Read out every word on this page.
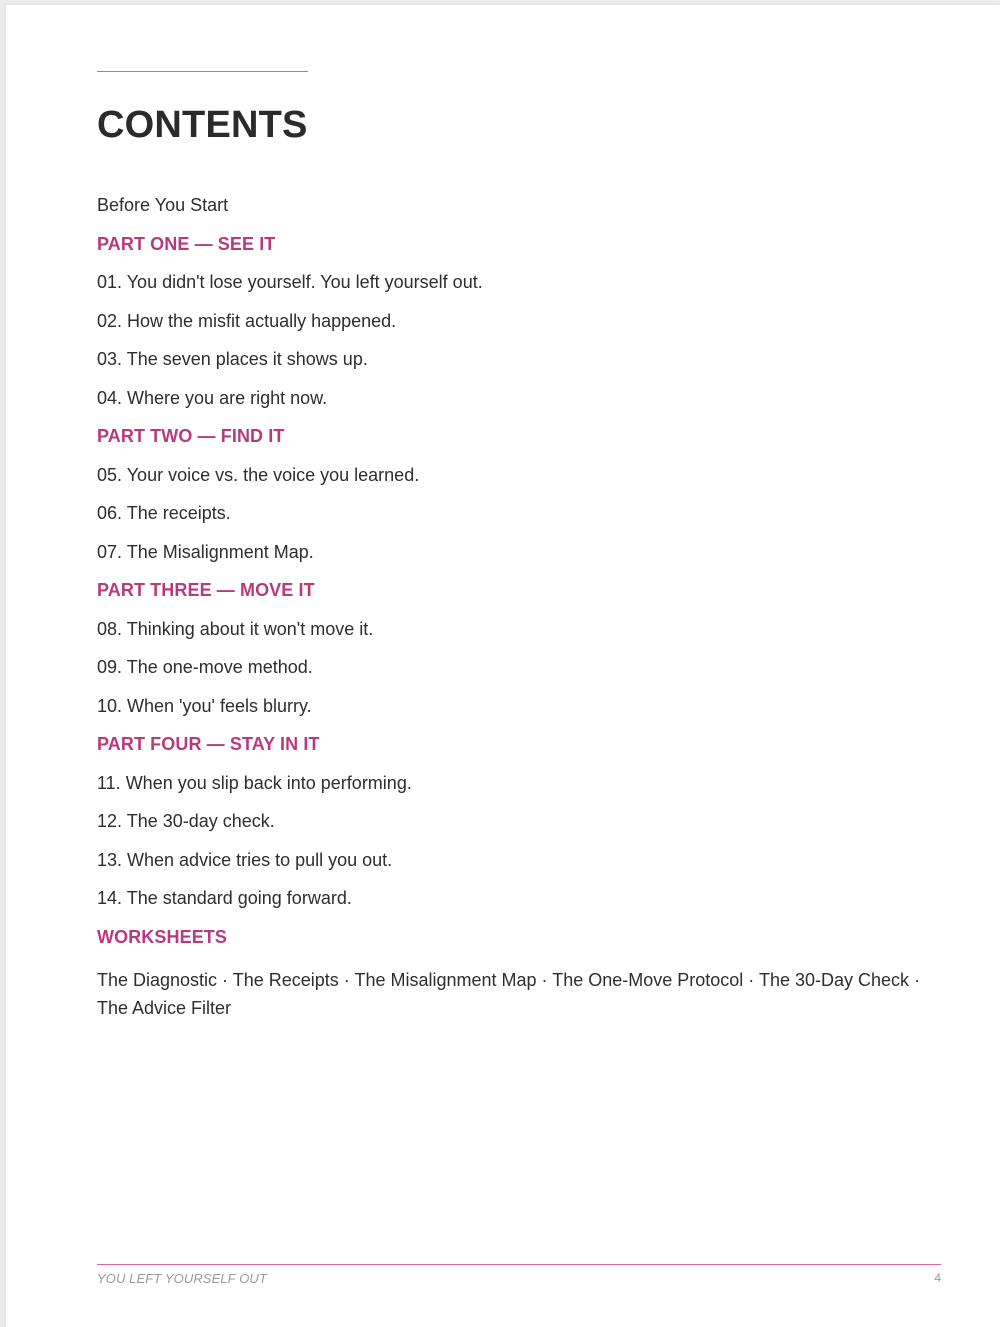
CONTENTS
Before You Start
PART ONE — SEE IT
01. You didn't lose yourself. You left yourself out.
02. How the misfit actually happened.
03. The seven places it shows up.
04. Where you are right now.
PART TWO — FIND IT
05. Your voice vs. the voice you learned.
06. The receipts.
07. The Misalignment Map.
PART THREE — MOVE IT
08. Thinking about it won't move it.
09. The one-move method.
10. When 'you' feels blurry.
PART FOUR — STAY IN IT
11. When you slip back into performing.
12. The 30-day check.
13. When advice tries to pull you out.
14. The standard going forward.
WORKSHEETS
The Diagnostic · The Receipts · The Misalignment Map · The One-Move Protocol · The 30-Day Check · The Advice Filter
YOU LEFT YOURSELF OUT	4
